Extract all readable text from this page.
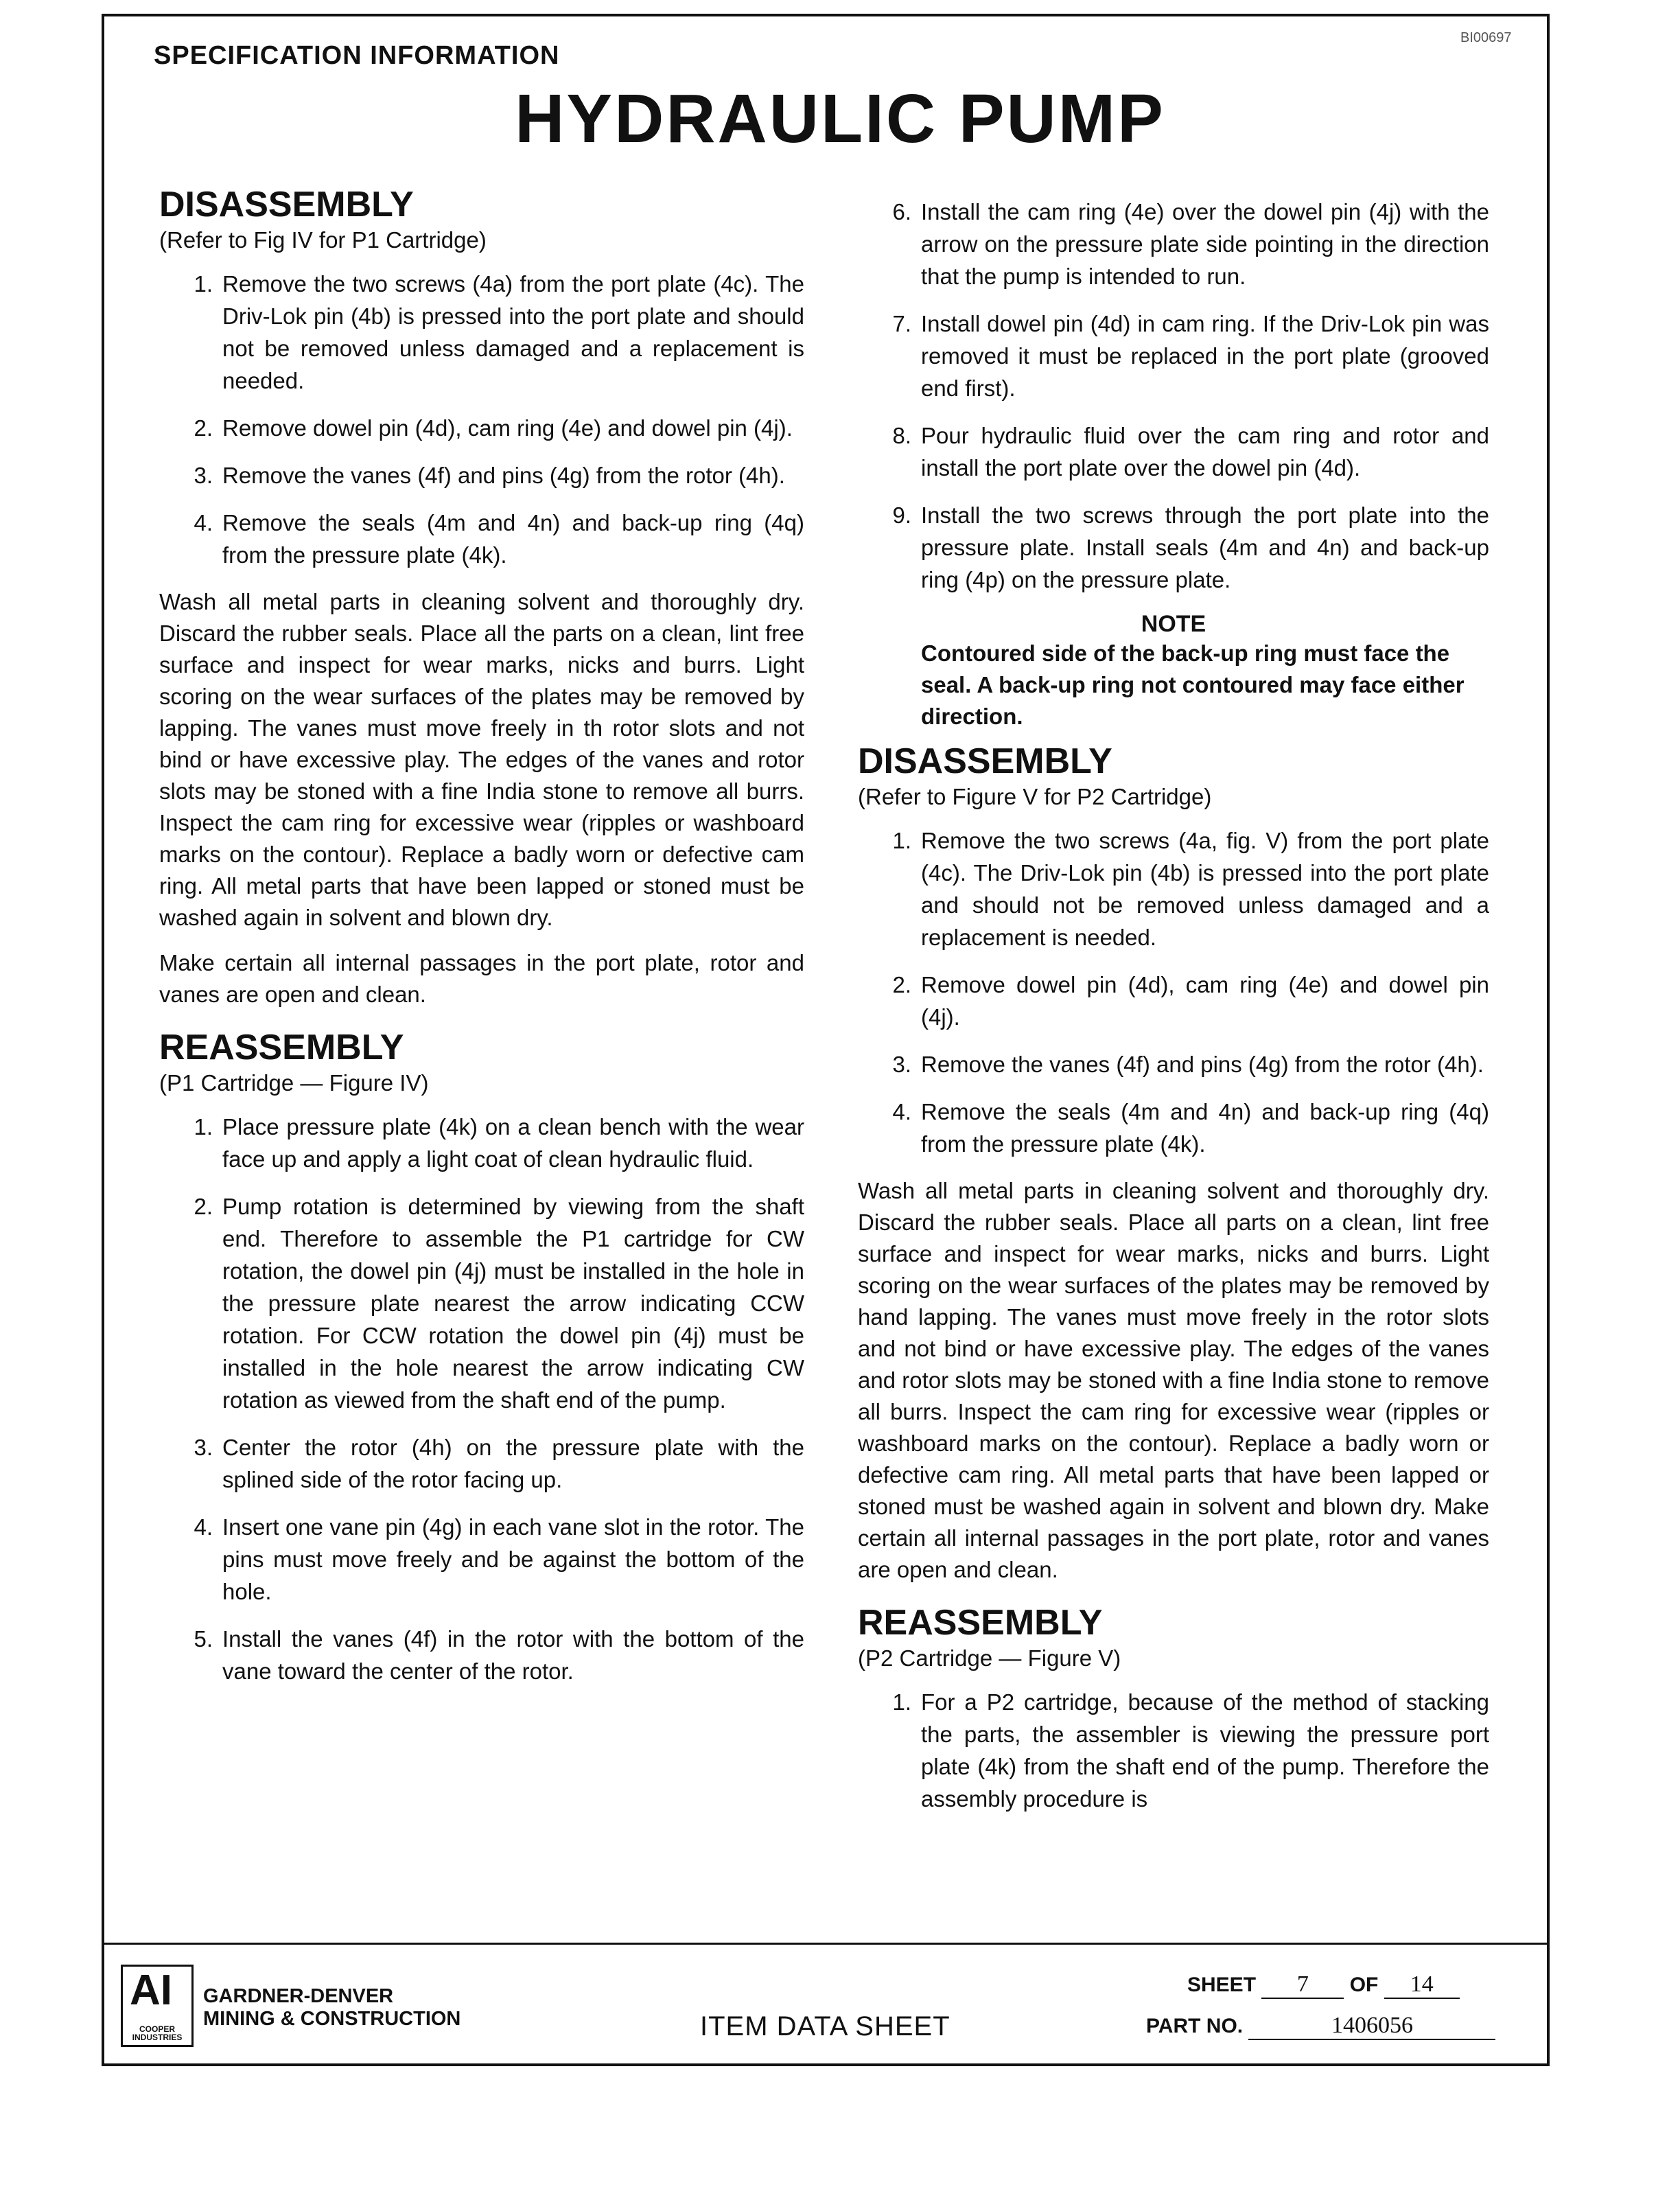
BI00697
SPECIFICATION INFORMATION
HYDRAULIC PUMP
DISASSEMBLY
(Refer to Fig IV for P1 Cartridge)
1. Remove the two screws (4a) from the port plate (4c). The Driv-Lok pin (4b) is pressed into the port plate and should not be removed unless damaged and a replacement is needed.
2. Remove dowel pin (4d), cam ring (4e) and dowel pin (4j).
3. Remove the vanes (4f) and pins (4g) from the rotor (4h).
4. Remove the seals (4m and 4n) and back-up ring (4q) from the pressure plate (4k).

Wash all metal parts in cleaning solvent and thoroughly dry. Discard the rubber seals. Place all the parts on a clean, lint free surface and inspect for wear marks, nicks and burrs. Light scoring on the wear surfaces of the plates may be removed by lapping. The vanes must move freely in th rotor slots and not bind or have excessive play. The edges of the vanes and rotor slots may be stoned with a fine India stone to remove all burrs. Inspect the cam ring for excessive wear (ripples or washboard marks on the contour). Replace a badly worn or defective cam ring. All metal parts that have been lapped or stoned must be washed again in solvent and blown dry.

Make certain all internal passages in the port plate, rotor and vanes are open and clean.

REASSEMBLY
(P1 Cartridge — Figure IV)
1. Place pressure plate (4k) on a clean bench with the wear face up and apply a light coat of clean hydraulic fluid.
2. Pump rotation is determined by viewing from the shaft end. Therefore to assemble the P1 cartridge for CW rotation, the dowel pin (4j) must be installed in the hole in the pressure plate nearest the arrow indicating CCW rotation. For CCW rotation the dowel pin (4j) must be installed in the hole nearest the arrow indicating CW rotation as viewed from the shaft end of the pump.
3. Center the rotor (4h) on the pressure plate with the splined side of the rotor facing up.
4. Insert one vane pin (4g) in each vane slot in the rotor. The pins must move freely and be against the bottom of the hole.
5. Install the vanes (4f) in the rotor with the bottom of the vane toward the center of the rotor.
6. Install the cam ring (4e) over the dowel pin (4j) with the arrow on the pressure plate side pointing in the direction that the pump is intended to run.
7. Install dowel pin (4d) in cam ring. If the Driv-Lok pin was removed it must be replaced in the port plate (grooved end first).
8. Pour hydraulic fluid over the cam ring and rotor and install the port plate over the dowel pin (4d).
9. Install the two screws through the port plate into the pressure plate. Install seals (4m and 4n) and back-up ring (4p) on the pressure plate.
NOTE

Contoured side of the back-up ring must face the seal. A back-up ring not contoured may face either direction.

DISASSEMBLY
(Refer to Figure V for P2 Cartridge)
1. Remove the two screws (4a, fig. V) from the port plate (4c). The Driv-Lok pin (4b) is pressed into the port plate and should not be removed unless damaged and a replacement is needed.
2. Remove dowel pin (4d), cam ring (4e) and dowel pin (4j).
3. Remove the vanes (4f) and pins (4g) from the rotor (4h).
4. Remove the seals (4m and 4n) and back-up ring (4q) from the pressure plate (4k).

Wash all metal parts in cleaning solvent and thoroughly dry. Discard the rubber seals. Place all parts on a clean, lint free surface and inspect for wear marks, nicks and burrs. Light scoring on the wear surfaces of the plates may be removed by hand lapping. The vanes must move freely in the rotor slots and not bind or have excessive play. The edges of the vanes and rotor slots may be stoned with a fine India stone to remove all burrs. Inspect the cam ring for excessive wear (ripples or washboard marks on the contour). Replace a badly worn or defective cam ring. All metal parts that have been lapped or stoned must be washed again in solvent and blown dry. Make certain all internal passages in the port plate, rotor and vanes are open and clean.

REASSEMBLY
(P2 Cartridge — Figure V)
1. For a P2 cartridge, because of the method of stacking the parts, the assembler is viewing the pressure port plate (4k) from the shaft end of the pump. Therefore the assembly procedure is
AI
COOPER INDUSTRIES
GARDNER-DENVER
MINING & CONSTRUCTION	ITEM DATA SHEET
SHEET 7 OF 14
PART NO.	1406056
